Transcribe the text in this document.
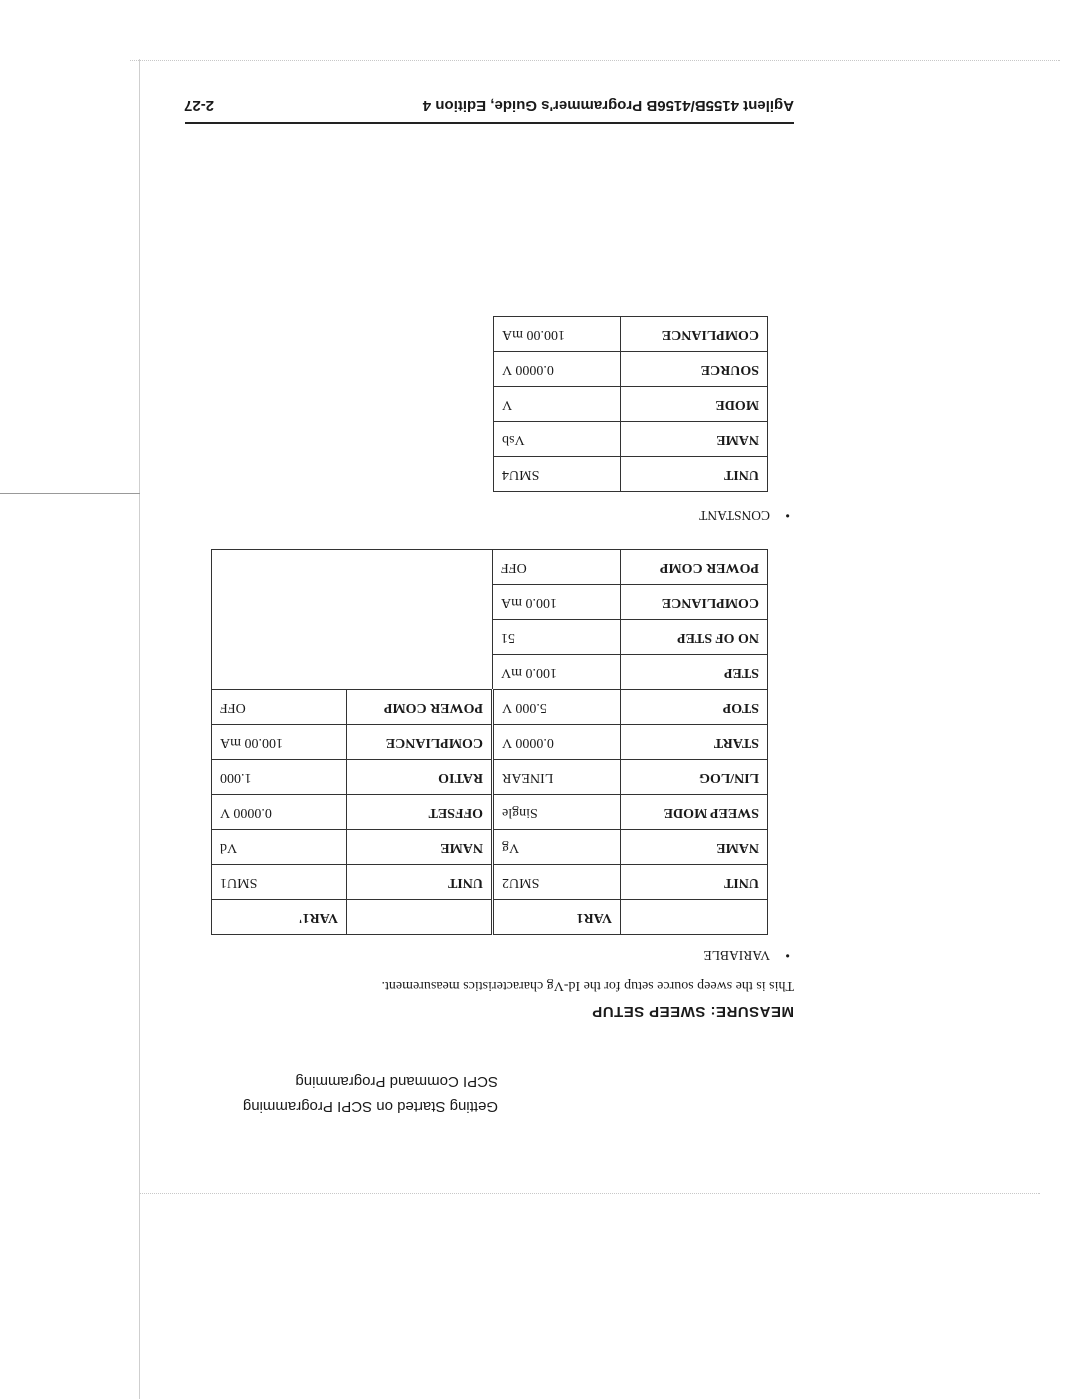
Agilent 4155B/4156B Programmer's Guide, Edition 4
2-27
SCPI Command Programming
Getting Started on SCPI Programming
MEASURE: SWEEP SETUP
This is the sweep source setup for the Id-Vg characteristics measurement.
•VARIABLE
	VAR1		VAR1'
UNIT	SMU2	UNIT	SMU1
NAME	Vg	NAME	Vd
SWEEP MODE	Single	OFFSET	0.0000 V
LIN/LOG	LINEAR	RATIO	1.000
START	0.0000 V	COMPLIANCE	100.00 mA
STOP	5.000 V	POWER COMP	OFF
STEP	100.0 mV		
NO OF STEP	51		
COMPLIANCE	100.0 mA		
POWER COMP	OFF		
•CONSTANT
UNIT	SMU4
NAME	Vsb
MODE	V
SOURCE	0.0000 V
COMPLIANCE	100.00 mA
